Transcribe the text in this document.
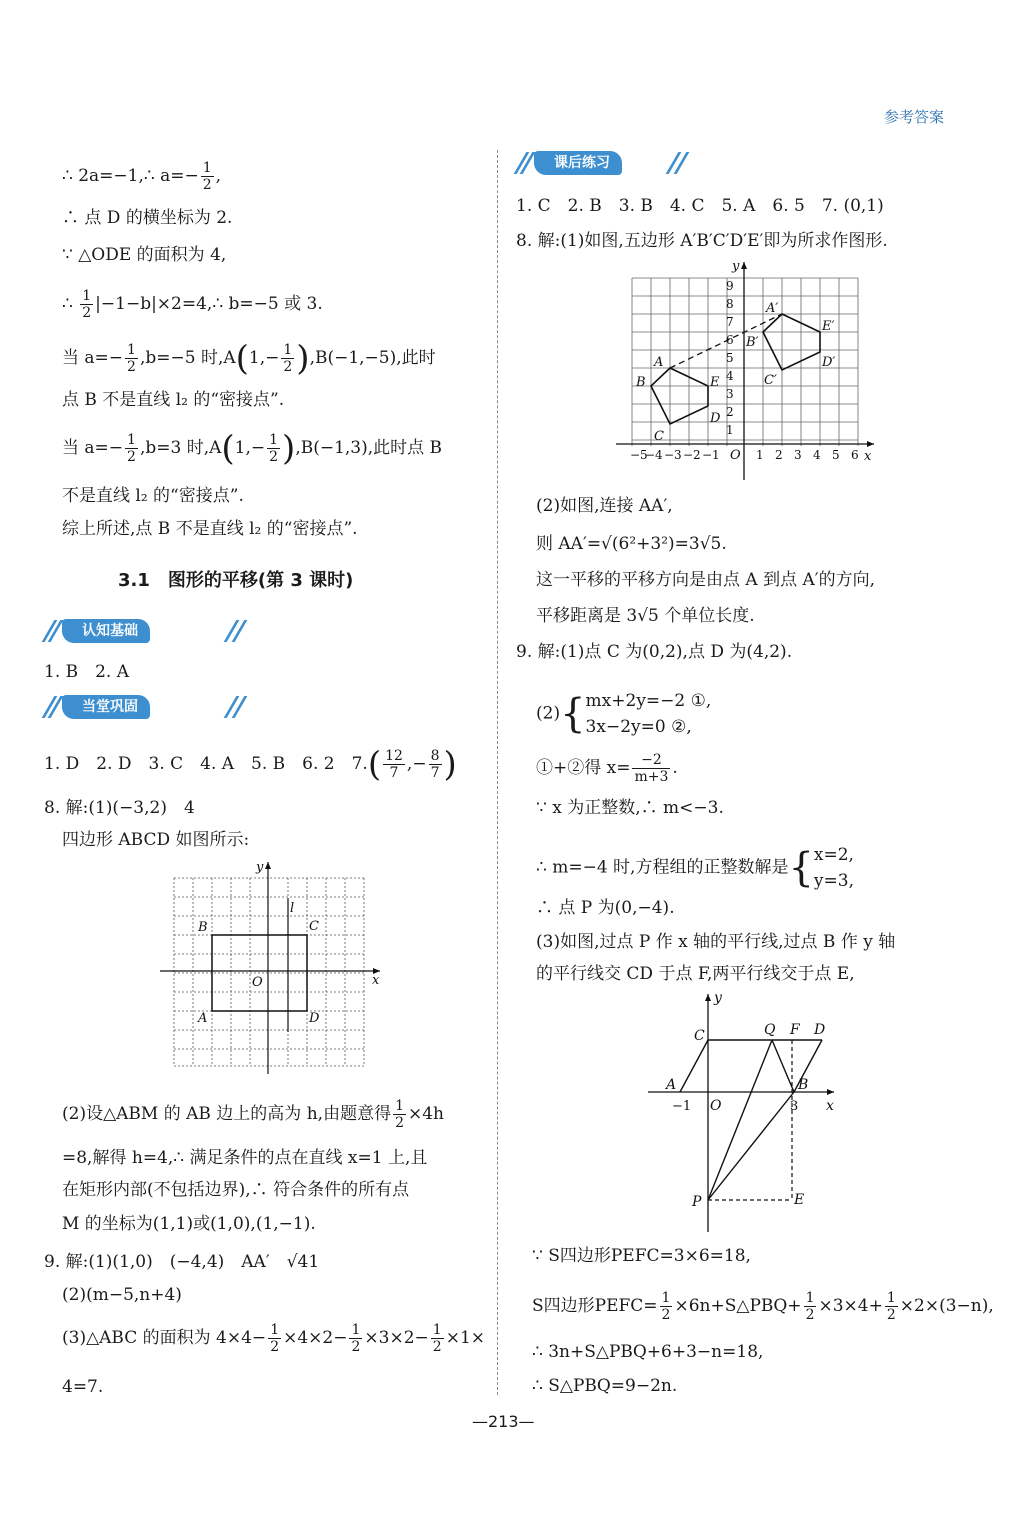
参考答案
∴ 2a=−1,∴ $a=- \frac{1}{2}$ ,
∴ 点 D 的横坐标为 2.
∵ △ODE 的面积为 4,
∴ $\frac{1}{2}$ |−1−b|×2=4,∴ b=−5 或 3.
当 $a=- \frac{1}{2} ,b=-5$ 时$,A(1,- \frac{1}{2} ),B(-1,-5)$,此时
点 B 不是直线 l₂ 的“密接点”.
当 $a=- \frac{1}{2} ,b=3$ 时$,A(1,- \frac{1}{2} ),B(-1,3)$,此时点 B
不是直线 l₂ 的“密接点”.
综上所述,点 B 不是直线 l₂ 的“密接点”.
3.1　图形的平移(第 3 课时)
认知基础
1. B　2. A
当堂巩固
1. D　2. D　3. C　4. A　5. B　6. 2　$7.( \frac{12}{7}$ ,− $\frac{8}{7}$ )
8. 解:(1)(−3,2)　4
四边形 ABCD 如图所示:
y
x
O
B	C
A	D
l
(2)设△ABM 的 AB 边上的高为 h,由题意得 $\frac{1}{2} \times 4h$
=8,解得 h=4,∴ 满足条件的点在直线 x=1 上,且
在矩形内部(不包括边界),∴ 符合条件的所有点
M 的坐标为(1,1)或(1,0),(1,−1).
9. 解:(1)(1,0)　(−4,4)　AA′　√41
(2)(m−5,n+4)
(3)△ABC 的面积为 $4\times 4- \frac{1}{2} \times 4\times 2- \frac{1}{2} \times 3\times 2- \frac{1}{2} \times 1\times$
4=7.
课后练习
1. C　2. B　3. B　4. C　5. A　6. 5　7. (0,1)
8. 解:(1)如图,五边形 A′B′C′D′E′即为所求作图形.
9
8
7
6
5
4
3
2
1
−5
−4 −3 −2 −1	1 2 3 4 5 6
y
x
O
A
B
C
D
E
A′
B′
C′
D′
E′
(2)如图,连接 AA′,
则 AA′=√(6²+3²)=3√5.
这一平移的平移方向是由点 A 到点 A′的方向,
平移距离是 3√5 个单位长度.
9. 解:(1)点 C 为(0,2),点 D 为(4,2).
(2){ mx+2y=−2 ①,
3x−2y=0 ②,
①+②得 $x= \frac{-2}{m+3}$ .
∵ x 为正整数,∴ m<−3.
∴ m=−4 时,方程组的正整数解是{ x=2,
y=3,
∴ 点 P 为(0,−4).
(3)如图,过点 P 作 x 轴的平行线,过点 B 作 y 轴
的平行线交 CD 于点 F,两平行线交于点 E,
y
x
C	Q F D
A	B
P	E
O
−1	3
∵ S四边形PEFC=3×6=18,
S四边形PEFC= $\frac{1}{2}$ ×6n+S△PBQ+ $\frac{1}{2} \times 3\times 4+ \frac{1}{2} \times 2\times(3-n)$,
∴ 3n+S△PBQ+6+3−n=18,
∴ S△PBQ=9−2n.
—213—
